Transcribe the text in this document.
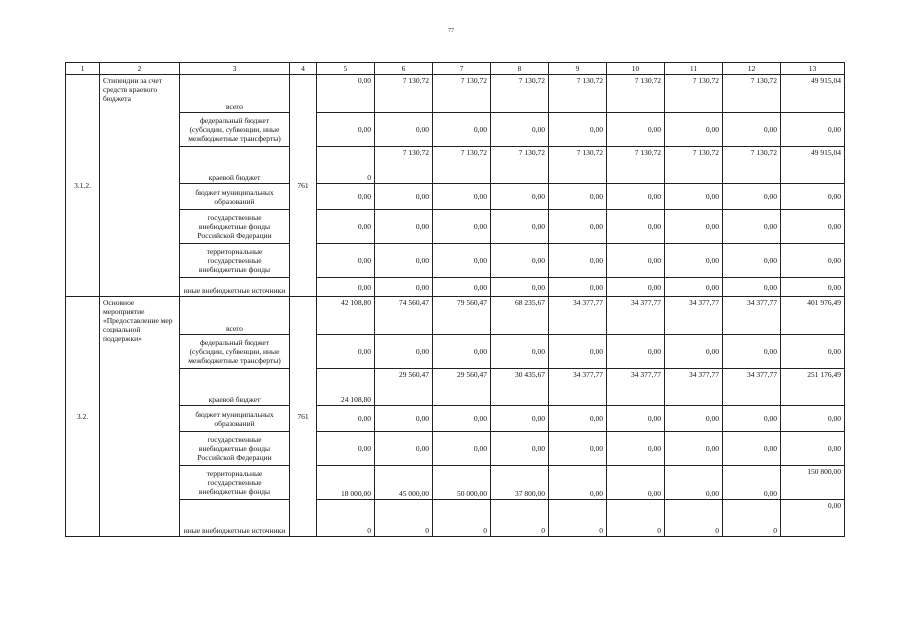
77
1	2	3	4	5	6	7	8	9	10	11	12	13
3.1.2.	Стипендии за счет средств краевого бюджета	всего	761	0,00	7 130,72	7 130,72	7 130,72	7 130,72	7 130,72	7 130,72	7 130,72	49 915,04
		федеральный бюджет (субсидии, субвенции, иные межбюджетные трансферты)		0,00	0,00	0,00	0,00	0,00	0,00	0,00	0,00	0,00
		краевой бюджет		0	7 130,72	7 130,72	7 130,72	7 130,72	7 130,72	7 130,72	7 130,72	49 915,04
		бюджет муниципальных образований		0,00	0,00	0,00	0,00	0,00	0,00	0,00	0,00	0,00
		государственные внебюджетные фонды Российской Федерации		0,00	0,00	0,00	0,00	0,00	0,00	0,00	0,00	0,00
		территориальные государственные внебюджетные фонды		0,00	0,00	0,00	0,00	0,00	0,00	0,00	0,00	0,00
		иные внебюджетные источники		0,00	0,00	0,00	0,00	0,00	0,00	0,00	0,00	0,00
3.2.	Основное мероприятие «Предоставление мер социальной поддержки»	всего	761	42 108,80	74 560,47	79 560,47	68 235,67	34 377,77	34 377,77	34 377,77	34 377,77	401 976,49
		федеральный бюджет (субсидии, субвенции, иные межбюджетные трансферты)		0,00	0,00	0,00	0,00	0,00	0,00	0,00	0,00	0,00
		краевой бюджет		24 108,80	29 560,47	29 560,47	30 435,67	34 377,77	34 377,77	34 377,77	34 377,77	251 176,49
		бюджет муниципальных образований		0,00	0,00	0,00	0,00	0,00	0,00	0,00	0,00	0,00
		государственные внебюджетные фонды Российской Федерации		0,00	0,00	0,00	0,00	0,00	0,00	0,00	0,00	0,00
		территориальные государственные внебюджетные фонды		18 000,00	45 000,00	50 000,00	37 800,00	0,00	0,00	0,00	0,00	150 800,00
		иные внебюджетные источники		0	0	0	0	0	0	0	0	0,00
